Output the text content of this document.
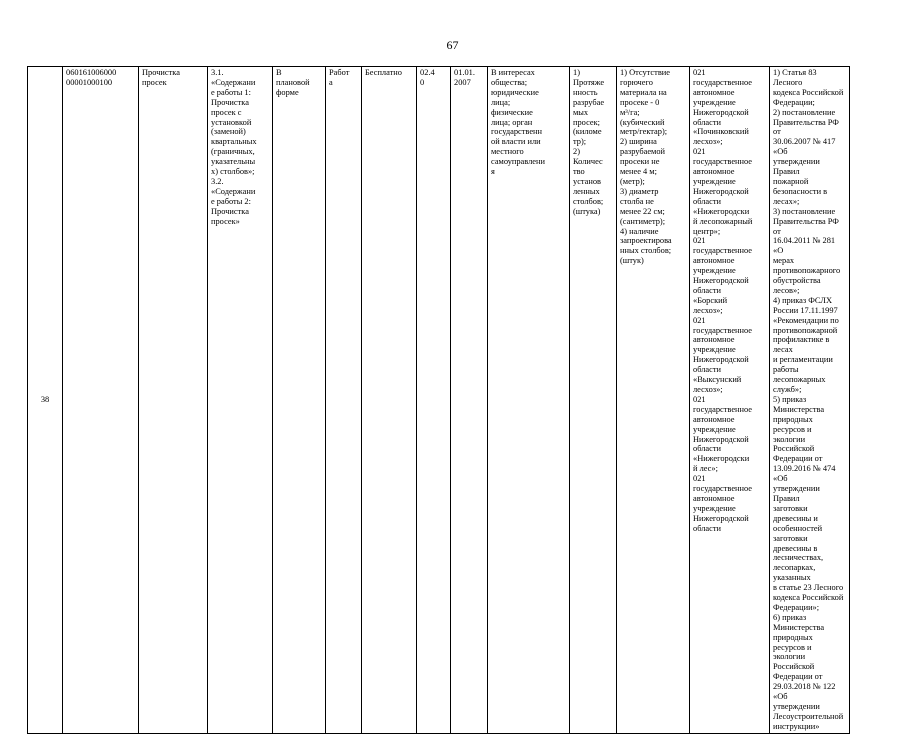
67
38	060161006000
00001000100	Прочистка
просек	3.1.
«Содержани
е работы 1:
Прочистка
просек с
установкой
(заменой)
квартальных
(граничных,
указательны
х) столбов»;
3.2.
«Содержани
е работы 2:
Прочистка
просек»	В
плановой
форме	Работ
а	Бесплатно	02.4
0	01.01.
2007	В интересах
общества;
юридические
лица;
физические
лица; орган
государственн
ой власти или
местного
самоуправлени
я	1)
Протяже
нность
разрубае
мых
просек;
(киломе
тр);
2)
Количес
тво
установ
ленных
столбов;
(штука)	1) Отсутствие
горючего
материала на
просеке - 0
м³/га;
(кубический
метр/гектар);
2) ширина
разрубаемой
просеки не
менее 4 м;
(метр);
3) диаметр
столба не
менее 22 см;
(сантиметр);
4) наличие
запроектирова
нных столбов;
(штук)	021
государственное
автономное
учреждение
Нижегородской
области
«Починковский
лесхоз»;
021
государственное
автономное
учреждение
Нижегородской
области
«Нижегородски
й лесопожарный
центр»;
021
государственное
автономное
учреждение
Нижегородской
области
«Борский
лесхоз»;
021
государственное
автономное
учреждение
Нижегородской
области
«Выксунский
лесхоз»;
021
государственное
автономное
учреждение
Нижегородской
области
«Нижегородски
й лес»;
021
государственное
автономное
учреждение
Нижегородской
области	1) Статья 83 Лесного
кодекса Российской
Федерации;
2) постановление
Правительства РФ от
30.06.2007 № 417 «Об
утверждении Правил
пожарной
безопасности в лесах»;
3) постановление
Правительства РФ от
16.04.2011 № 281 «О
мерах
противопожарного
обустройства лесов»;
4) приказ ФСЛХ
России 17.11.1997
«Рекомендации по
противопожарной
профилактике в лесах
и регламентации
работы лесопожарных
служб»;
5) приказ
Министерства
природных ресурсов и
экологии Российской
Федерации от
13.09.2016 № 474 «Об
утверждении Правил
заготовки древесины и
особенностей
заготовки древесины в
лесничествах,
лесопарках, указанных
в статье 23 Лесного
кодекса Российской
Федерации»;
6) приказ
Министерства
природных ресурсов и
экологии Российской
Федерации от
29.03.2018 № 122 «Об
утверждении
Лесоустроительной
инструкции»
